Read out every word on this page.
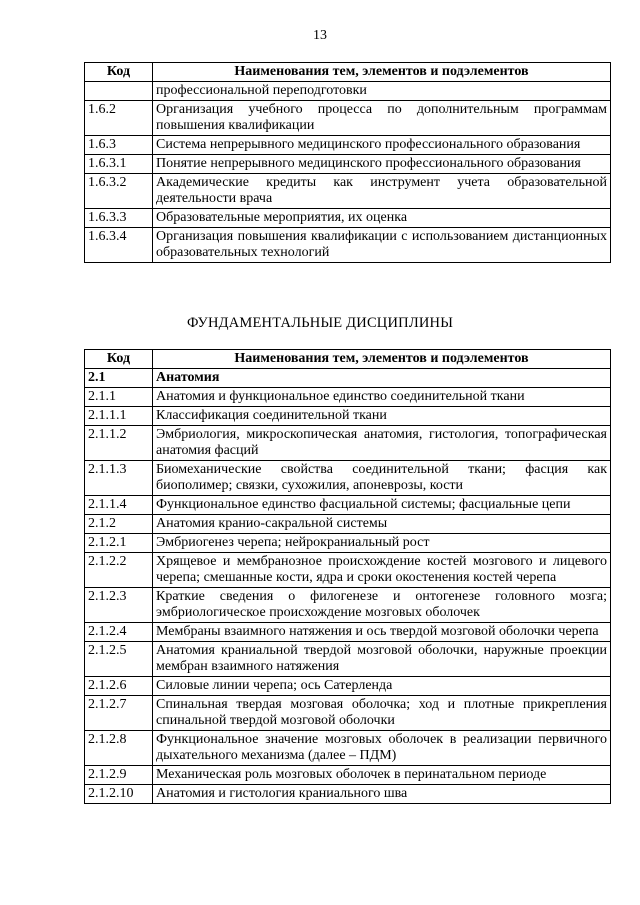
13
Код	Наименования тем, элементов и подэлементов
	профессиональной переподготовки
1.6.2	Организация учебного процесса по дополнительным программам повышения квалификации
1.6.3	Система непрерывного медицинского профессионального образования
1.6.3.1	Понятие непрерывного медицинского профессионального образования
1.6.3.2	Академические кредиты как инструмент учета образовательной деятельности врача
1.6.3.3	Образовательные мероприятия, их оценка
1.6.3.4	Организация повышения квалификации с использованием дистанционных образовательных технологий
ФУНДАМЕНТАЛЬНЫЕ ДИСЦИПЛИНЫ
Код	Наименования тем, элементов и подэлементов
2.1	Анатомия
2.1.1	Анатомия и функциональное единство соединительной ткани
2.1.1.1	Классификация соединительной ткани
2.1.1.2	Эмбриология, микроскопическая анатомия, гистология, топографическая анатомия фасций
2.1.1.3	Биомеханические свойства соединительной ткани; фасция как биополимер; связки, сухожилия, апоневрозы, кости
2.1.1.4	Функциональное единство фасциальной системы; фасциальные цепи
2.1.2	Анатомия кранио-сакральной системы
2.1.2.1	Эмбриогенез черепа; нейрокраниальный рост
2.1.2.2	Хрящевое и мембранозное происхождение костей мозгового и лицевого черепа; смешанные кости, ядра и сроки окостенения костей черепа
2.1.2.3	Краткие сведения о филогенезе и онтогенезе головного мозга; эмбриологическое происхождение мозговых оболочек
2.1.2.4	Мембраны взаимного натяжения и ось твердой мозговой оболочки черепа
2.1.2.5	Анатомия краниальной твердой мозговой оболочки, наружные проекции мембран взаимного натяжения
2.1.2.6	Силовые линии черепа; ось Сатерленда
2.1.2.7	Спинальная твердая мозговая оболочка; ход и плотные прикрепления спинальной твердой мозговой оболочки
2.1.2.8	Функциональное значение мозговых оболочек в реализации первичного дыхательного механизма (далее – ПДМ)
2.1.2.9	Механическая роль мозговых оболочек в перинатальном периоде
2.1.2.10	Анатомия и гистология краниального шва
